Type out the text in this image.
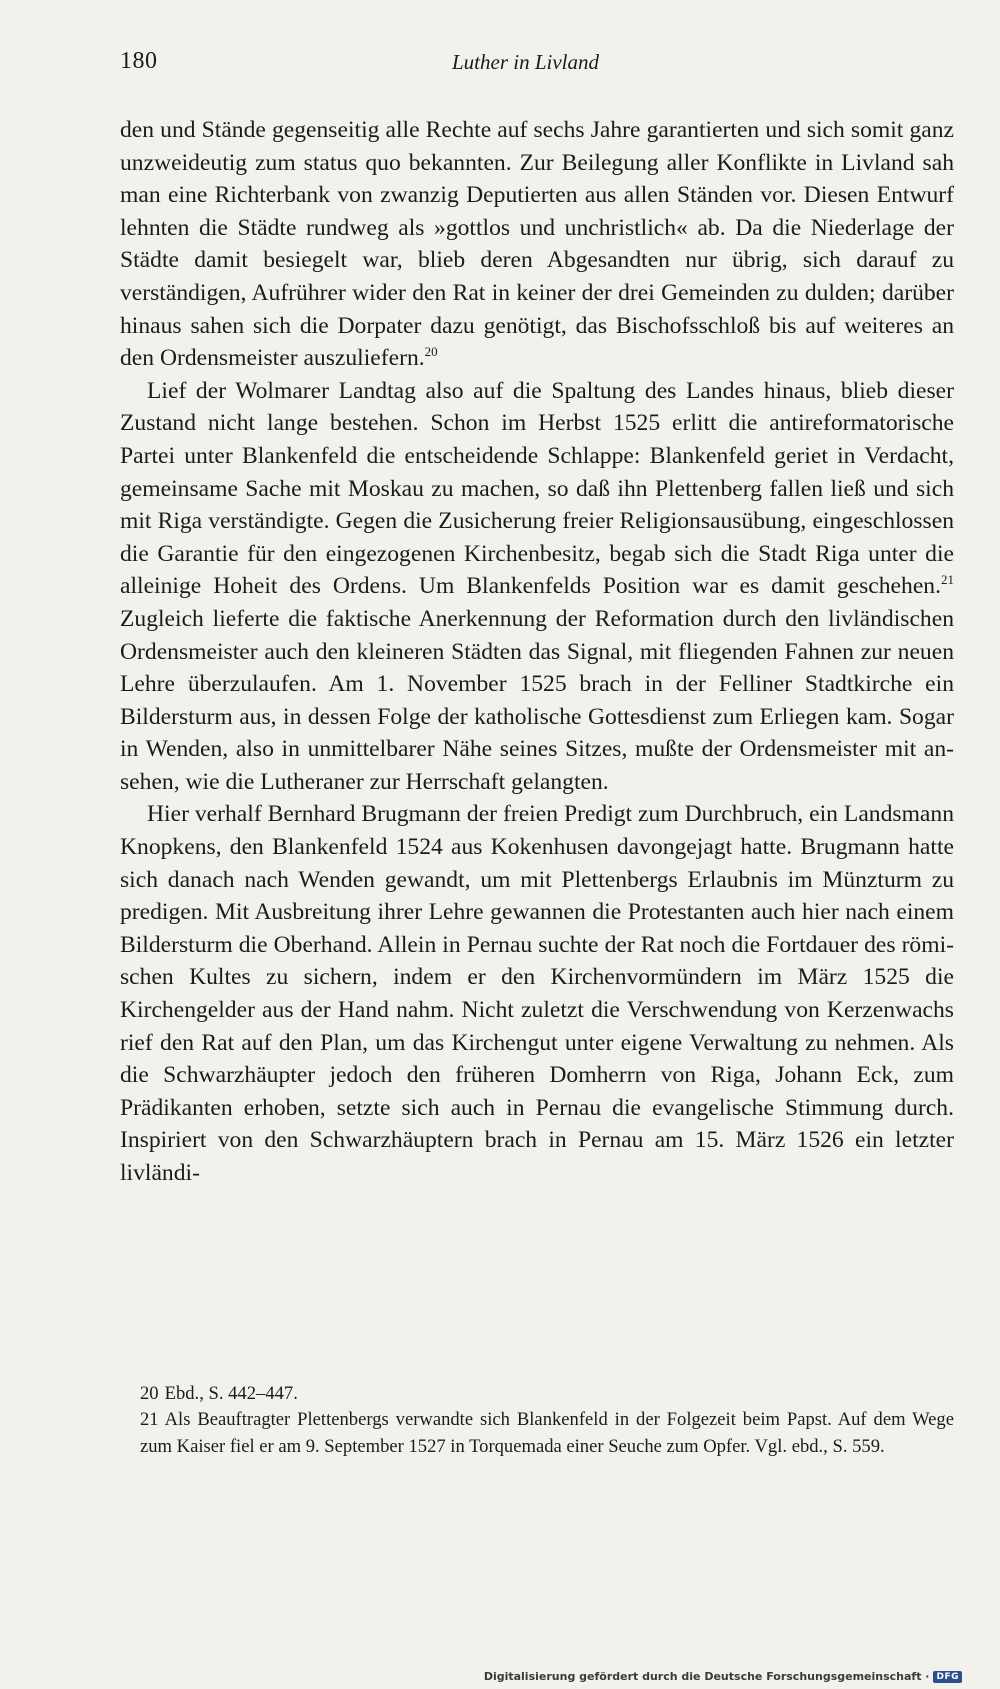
180	Luther in Livland

den und Stände gegenseitig alle Rechte auf sechs Jahre garantierten und sich somit ganz unzweideutig zum status quo bekannten. Zur Beilegung aller Konflikte in Livland sah man eine Richterbank von zwanzig Deputierten aus allen Ständen vor. Diesen Entwurf lehnten die Städte rundweg als »gottlos und unchristlich« ab. Da die Niederlage der Städte damit besiegelt war, blieb deren Abgesandten nur übrig, sich darauf zu verständigen, Aufrührer wider den Rat in keiner der drei Gemeinden zu dulden; darüber hinaus sahen sich die Dorpater dazu genötigt, das Bischofsschloß bis auf weiteres an den Ordensmeister auszuliefern.$^{20}$

Lief der Wolmarer Landtag also auf die Spaltung des Landes hinaus, blieb dieser Zustand nicht lange bestehen. Schon im Herbst 1525 erlitt die antireformatorische Partei unter Blankenfeld die entscheidende Schlappe: Blankenfeld geriet in Verdacht, gemeinsame Sache mit Moskau zu machen, so daß ihn Plettenberg fallen ließ und sich mit Riga verständigte. Gegen die Zusicherung freier Religionsausübung, eingeschlossen die Garantie für den eingezogenen Kirchenbesitz, begab sich die Stadt Riga unter die alleinige Hoheit des Ordens. Um Blankenfelds Position war es damit geschehen.$^{21}$ Zugleich lieferte die faktische Anerkennung der Reformation durch den livländischen Ordensmeister auch den kleineren Städten das Signal, mit fliegenden Fahnen zur neuen Lehre überzulaufen. Am 1. November 1525 brach in der Felliner Stadtkirche ein Bildersturm aus, in dessen Folge der katholische Gottesdienst zum Erliegen kam. Sogar in Wenden, also in unmittelbarer Nähe seines Sitzes, mußte der Ordensmeister mit ansehen, wie die Lutheraner zur Herrschaft gelangten.

Hier verhalf Bernhard Brugmann der freien Predigt zum Durchbruch, ein Landsmann Knopkens, den Blankenfeld 1524 aus Kokenhusen davongejagt hatte. Brugmann hatte sich danach nach Wenden gewandt, um mit Plettenbergs Erlaubnis im Münzturm zu predigen. Mit Ausbreitung ihrer Lehre gewannen die Protestanten auch hier nach einem Bildersturm die Oberhand. Allein in Pernau suchte der Rat noch die Fortdauer des römischen Kultes zu sichern, indem er den Kirchenvormündern im März 1525 die Kirchengelder aus der Hand nahm. Nicht zuletzt die Verschwendung von Kerzenwachs rief den Rat auf den Plan, um das Kirchengut unter eigene Verwaltung zu nehmen. Als die Schwarzhäupter jedoch den früheren Domherrn von Riga, Johann Eck, zum Prädikanten erhoben, setzte sich auch in Pernau die evangelische Stimmung durch. Inspiriert von den Schwarzhäuptern brach in Pernau am 15. März 1526 ein letzter livländi-

20 Ebd., S. 442–447.

21 Als Beauftragter Plettenbergs verwandte sich Blankenfeld in der Folgezeit beim Papst. Auf dem Wege zum Kaiser fiel er am 9. September 1527 in Torquemada einer Seuche zum Opfer. Vgl. ebd., S. 559.

Digitalisierung gefördert durch die Deutsche Forschungsgemeinschaft · DFG
